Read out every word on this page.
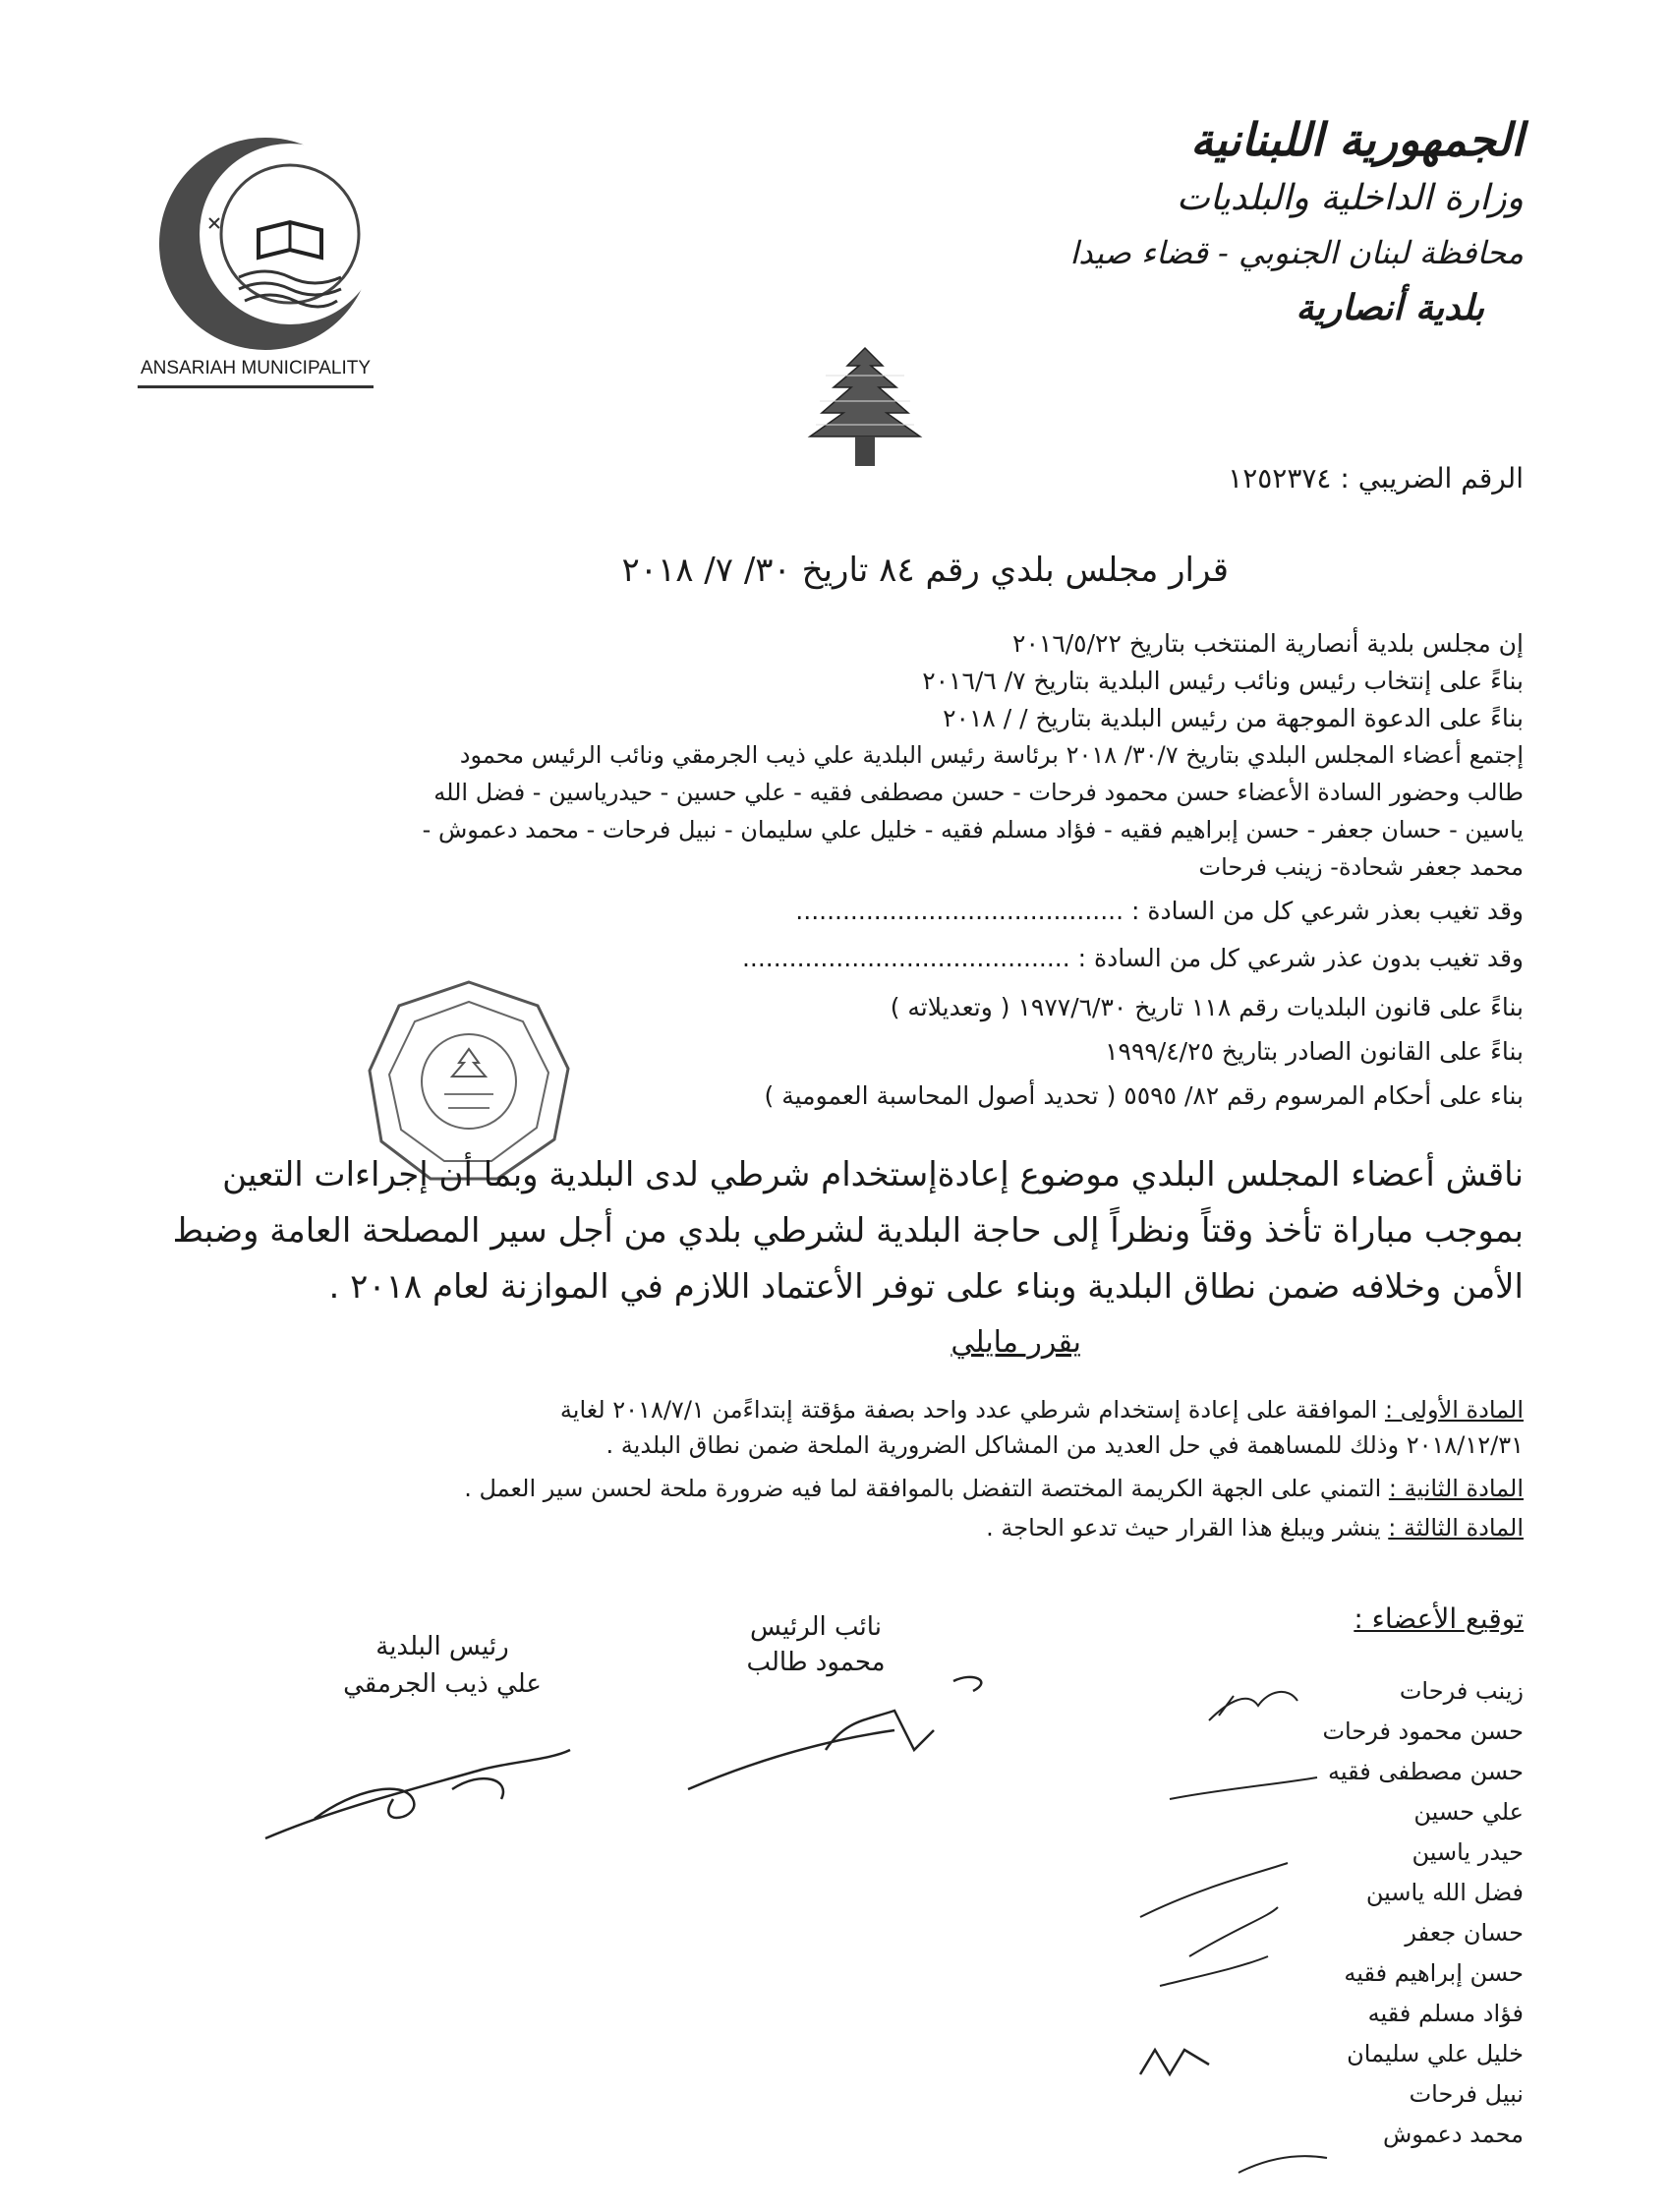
الجمهورية اللبنانية
وزارة الداخلية والبلديات
محافظة لبنان الجنوبي - قضاء صيدا
بلدية أنصارية
ANSARIAH MUNICIPALITY
الرقم الضريبي : ١٢٥٢٣٧٤
قرار مجلس بلدي رقم ٨٤ تاريخ ٣٠/ ٧/ ٢٠١٨
إن مجلس بلدية أنصارية المنتخب بتاريخ ٢٠١٦/٥/٢٢
بناءً على إنتخاب رئيس ونائب رئيس البلدية بتاريخ ٧/ ٢٠١٦/٦
بناءً على الدعوة الموجهة من رئيس البلدية بتاريخ / / ٢٠١٨
إجتمع أعضاء المجلس البلدي بتاريخ ٣٠/٧/ ٢٠١٨ برئاسة رئيس البلدية علي ذيب الجرمقي ونائب الرئيس محمود
طالب وحضور السادة الأعضاء حسن محمود فرحات - حسن مصطفى فقيه - علي حسين - حيدرياسين - فضل الله
ياسين - حسان جعفر - حسن إبراهيم فقيه - فؤاد مسلم فقيه - خليل علي سليمان - نبيل فرحات - محمد دعموش -
محمد جعفر شحادة- زينب فرحات
وقد تغيب بعذر شرعي كل من السادة : ..........................................
وقد تغيب بدون عذر شرعي كل من السادة : ..........................................
بناءً على قانون البلديات رقم ١١٨ تاريخ ١٩٧٧/٦/٣٠ ( وتعديلاته )
بناءً على القانون الصادر بتاريخ ١٩٩٩/٤/٢٥
بناء على أحكام المرسوم رقم ٨٢/ ٥٥٩٥ ( تحديد أصول المحاسبة العمومية )
ناقش أعضاء المجلس البلدي موضوع إعادةإستخدام شرطي لدى البلدية وبما أن إجراءات التعين
بموجب مباراة تأخذ وقتاً ونظراً إلى حاجة البلدية لشرطي بلدي من أجل سير المصلحة العامة وضبط
الأمن وخلافه ضمن نطاق البلدية وبناء على توفر الأعتماد اللازم في الموازنة لعام ٢٠١٨ .
يقرر مايلي
المادة الأولى : الموافقة على إعادة إستخدام شرطي عدد واحد بصفة مؤقتة إبتداءًمن ٢٠١٨/٧/١ لغاية
٢٠١٨/١٢/٣١ وذلك للمساهمة في حل العديد من المشاكل الضرورية الملحة ضمن نطاق البلدية .
المادة الثانية : التمني على الجهة الكريمة المختصة التفضل بالموافقة لما فيه ضرورة ملحة لحسن سير العمل .
المادة الثالثة : ينشر ويبلغ هذا القرار حيث تدعو الحاجة .
توقيع الأعضاء :
رئيس البلدية
علي ذيب الجرمقي
نائب الرئيس
محمود طالب
زينب فرحات
حسن محمود فرحات
حسن مصطفى فقيه
علي حسين
حيدر ياسين
فضل الله ياسين
حسان جعفر
حسن إبراهيم فقيه
فؤاد مسلم فقيه
خليل علي سليمان
نبيل فرحات
محمد دعموش
